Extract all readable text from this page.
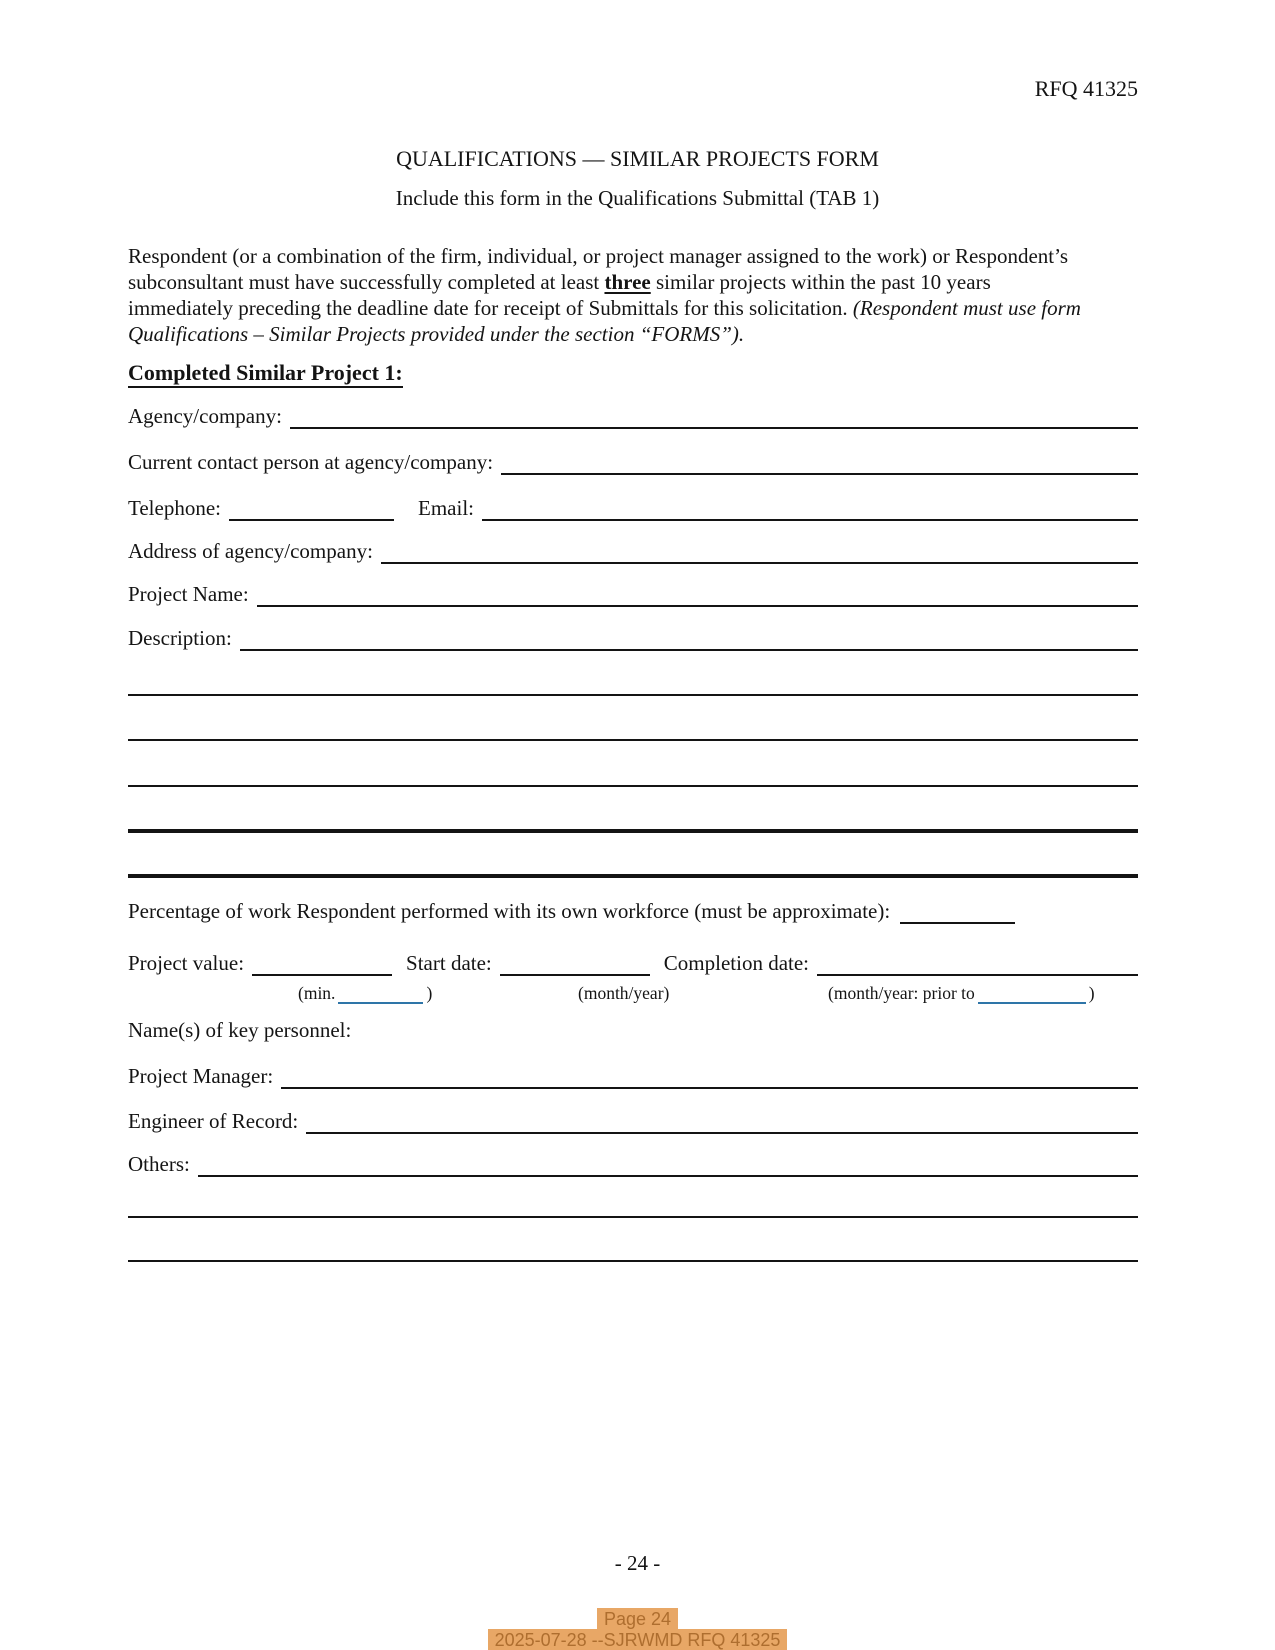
RFQ 41325
QUALIFICATIONS — SIMILAR PROJECTS FORM
Include this form in the Qualifications Submittal (TAB 1)

Respondent (or a combination of the firm, individual, or project manager assigned to the work) or Respondent’s subconsultant must have successfully completed at least three similar projects within the past 10 years immediately preceding the deadline date for receipt of Submittals for this solicitation. (Respondent must use form Qualifications – Similar Projects provided under the section “FORMS”).

Completed Similar Project 1:
Agency/company:
Current contact person at agency/company:
Telephone:	Email:
Address of agency/company:
Project Name:
Description:
Percentage of work Respondent performed with its own workforce (must be approximate):
Project value:	Start date:	Completion date:
(min.	)	(month/year)	(month/year: prior to	)
Name(s) of key personnel:
Project Manager:
Engineer of Record:
Others:
- 24 -
Page 24
2025-07-28 --SJRWMD RFQ 41325
